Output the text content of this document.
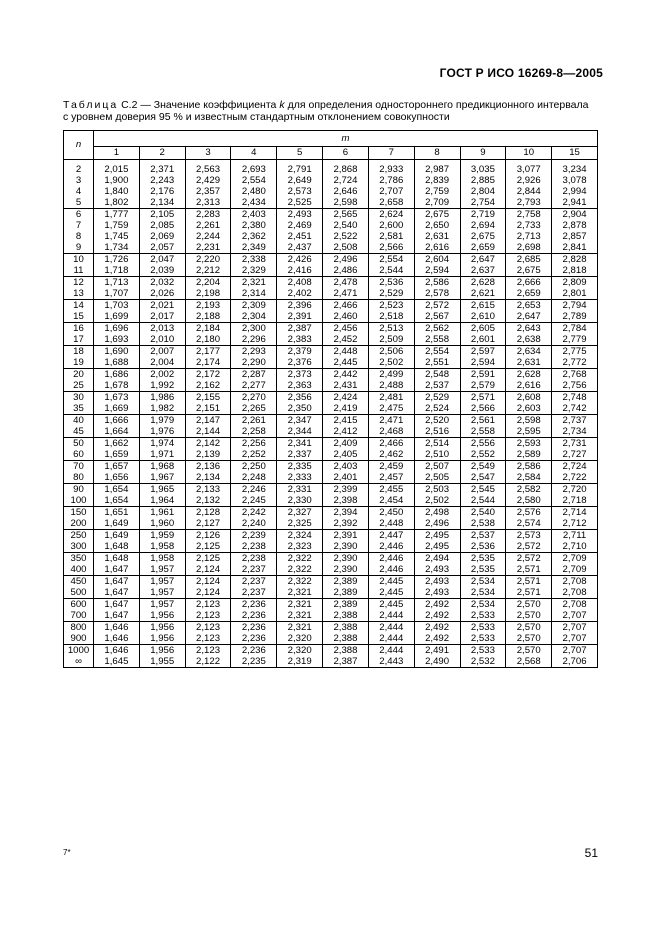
ГОСТ Р ИСО 16269-8—2005
Таблица С.2 — Значение коэффициента k для определения одностороннего предикционного интервала
с уровнем доверия 95 % и известным стандартным отклонением совокупности
n	m										
	1	2	3	4	5	6	7	8	9	10	15
2	2,015	2,371	2,563	2,693	2,791	2,868	2,933	2,987	3,035	3,077	3,234
3	1,900	2,243	2,429	2,554	2,649	2,724	2,786	2,839	2,885	2,926	3,078
4	1,840	2,176	2,357	2,480	2,573	2,646	2,707	2,759	2,804	2,844	2,994
5	1,802	2,134	2,313	2,434	2,525	2,598	2,658	2,709	2,754	2,793	2,941
6	1,777	2,105	2,283	2,403	2,493	2,565	2,624	2,675	2,719	2,758	2,904
7	1,759	2,085	2,261	2,380	2,469	2,540	2,600	2,650	2,694	2,733	2,878
8	1,745	2,069	2,244	2,362	2,451	2,522	2,581	2,631	2,675	2,713	2,857
9	1,734	2,057	2,231	2,349	2,437	2,508	2,566	2,616	2,659	2,698	2,841
10	1,726	2,047	2,220	2,338	2,426	2,496	2,554	2,604	2,647	2,685	2,828
11	1,718	2,039	2,212	2,329	2,416	2,486	2,544	2,594	2,637	2,675	2,818
12	1,713	2,032	2,204	2,321	2,408	2,478	2,536	2,586	2,628	2,666	2,809
13	1,707	2,026	2,198	2,314	2,402	2,471	2,529	2,578	2,621	2,659	2,801
14	1,703	2,021	2,193	2,309	2,396	2,466	2,523	2,572	2,615	2,653	2,794
15	1,699	2,017	2,188	2,304	2,391	2,460	2,518	2,567	2,610	2,647	2,789
16	1,696	2,013	2,184	2,300	2,387	2,456	2,513	2,562	2,605	2,643	2,784
17	1,693	2,010	2,180	2,296	2,383	2,452	2,509	2,558	2,601	2,638	2,779
18	1,690	2,007	2,177	2,293	2,379	2,448	2,506	2,554	2,597	2,634	2,775
19	1,688	2,004	2,174	2,290	2,376	2,445	2,502	2,551	2,594	2,631	2,772
20	1,686	2,002	2,172	2,287	2,373	2,442	2,499	2,548	2,591	2,628	2,768
25	1,678	1,992	2,162	2,277	2,363	2,431	2,488	2,537	2,579	2,616	2,756
30	1,673	1,986	2,155	2,270	2,356	2,424	2,481	2,529	2,571	2,608	2,748
35	1,669	1,982	2,151	2,265	2,350	2,419	2,475	2,524	2,566	2,603	2,742
40	1,666	1,979	2,147	2,261	2,347	2,415	2,471	2,520	2,561	2,598	2,737
45	1,664	1,976	2,144	2,258	2,344	2,412	2,468	2,516	2,558	2,595	2,734
50	1,662	1,974	2,142	2,256	2,341	2,409	2,466	2,514	2,556	2,593	2,731
60	1,659	1,971	2,139	2,252	2,337	2,405	2,462	2,510	2,552	2,589	2,727
70	1,657	1,968	2,136	2,250	2,335	2,403	2,459	2,507	2,549	2,586	2,724
80	1,656	1,967	2,134	2,248	2,333	2,401	2,457	2,505	2,547	2,584	2,722
90	1,654	1,965	2,133	2,246	2,331	2,399	2,455	2,503	2,545	2,582	2,720
100	1,654	1,964	2,132	2,245	2,330	2,398	2,454	2,502	2,544	2,580	2,718
150	1,651	1,961	2,128	2,242	2,327	2,394	2,450	2,498	2,540	2,576	2,714
200	1,649	1,960	2,127	2,240	2,325	2,392	2,448	2,496	2,538	2,574	2,712
250	1,649	1,959	2,126	2,239	2,324	2,391	2,447	2,495	2,537	2,573	2,711
300	1,648	1,958	2,125	2,238	2,323	2,390	2,446	2,495	2,536	2,572	2,710
350	1,648	1,958	2,125	2,238	2,322	2,390	2,446	2,494	2,535	2,572	2,709
400	1,647	1,957	2,124	2,237	2,322	2,390	2,446	2,493	2,535	2,571	2,709
450	1,647	1,957	2,124	2,237	2,322	2,389	2,445	2,493	2,534	2,571	2,708
500	1,647	1,957	2,124	2,237	2,321	2,389	2,445	2,493	2,534	2,571	2,708
600	1,647	1,957	2,123	2,236	2,321	2,389	2,445	2,492	2,534	2,570	2,708
700	1,647	1,956	2,123	2,236	2,321	2,388	2,444	2,492	2,533	2,570	2,707
800	1,646	1,956	2,123	2,236	2,321	2,388	2,444	2,492	2,533	2,570	2,707
900	1,646	1,956	2,123	2,236	2,320	2,388	2,444	2,492	2,533	2,570	2,707
1000	1,646	1,956	2,123	2,236	2,320	2,388	2,444	2,491	2,533	2,570	2,707
∞	1,645	1,955	2,122	2,235	2,319	2,387	2,443	2,490	2,532	2,568	2,706
7*	51
